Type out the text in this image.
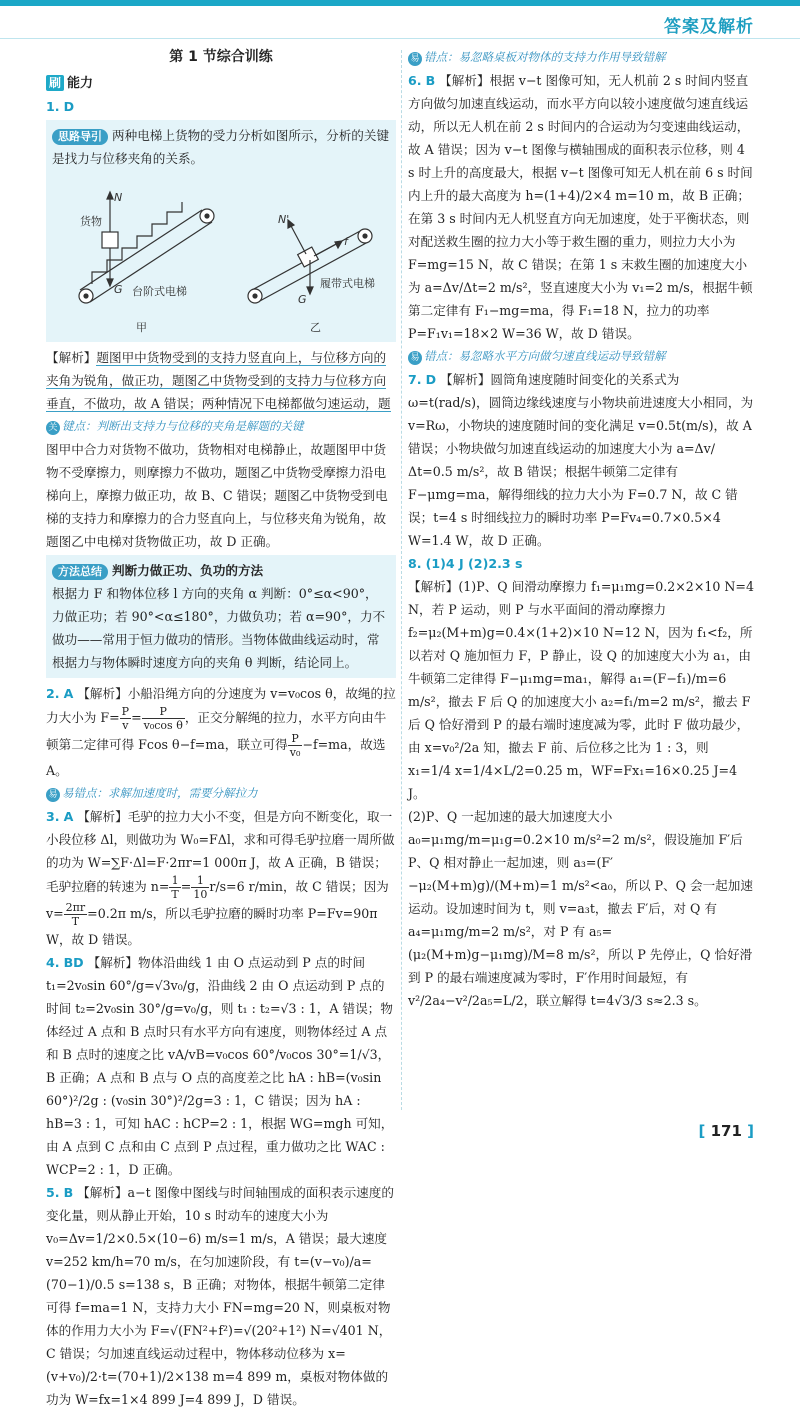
答案及解析
第 1 节综合训练
刷 能力
1. D

思路导引 两种电梯上货物的受力分析如图所示，分析的关键是找力与位移夹角的关系。

货物
N
G 台阶式电梯
N'
f
G
履带式电梯
甲	乙

【解析】题图甲中货物受到的支持力竖直向上，与位移方向的夹角为锐角，做正功，题图乙中货物受到的支持力与位移方向垂直，不做功，故 A 错误；两种情况下电梯都做匀速运动，题

关 键点：判断出支持力与位移的夹角是解题的关键

图甲中合力对货物不做功，货物相对电梯静止，故题图甲中货物不受摩擦力，则摩擦力不做功，题图乙中货物受摩擦力沿电梯向上，摩擦力做正功，故 B、C 错误；题图乙中货物受到电梯的支持力和摩擦力的合力竖直向上，与位移夹角为锐角，故题图乙中电梯对货物做正功，故 D 正确。

方法总结 判断力做正功、负功的方法

根据力 F 和物体位移 l 方向的夹角 α 判断：0°≤α<90°，力做正功；若 90°<α≤180°，力做负功；若 α=90°，力不做功——常用于恒力做功的情形。当物体做曲线运动时，常根据力与物体瞬时速度方向的夹角 θ 判断，结论同上。

2. A 【解析】小船沿绳方向的分速度为 v=v₀cos θ，故绳的拉力大小为 $F= \frac{P}{v} = \frac{P}{\text{v₀cos θ}}$ ，正交分解绳的拉力，水平方向由牛顿第二定律可得 Fcos θ−f=ma，联立可得 $\frac{P}{\text{v₀}} -f=ma$，故选 A。

易 易错点：求解加速度时，需要分解拉力

3. A 【解析】毛驴的拉力大小不变，但是方向不断变化，取一小段位移 Δl，则做功为 W₀=FΔl，求和可得毛驴拉磨一周所做的功为 W=∑F·Δl=F·2πr=1 000π J，故 A 正确，B 错误；毛驴拉磨的转速为 $n= \frac{1}{T} = \frac{1}{10} r/s=6$ r/min，故 C 错误；因为 $v= \frac{2\pi r}{T} =0.2\pi$ m/s，所以毛驴拉磨的瞬时功率 P=Fv=90π W，故 D 错误。

4. BD 【解析】物体沿曲线 1 由 O 点运动到 P 点的时间 t₁=2v₀sin 60°/g=√3v₀/g，沿曲线 2 由 O 点运动到 P 点的时间 t₂=2v₀sin 30°/g=v₀/g，则 t₁ : t₂=√3 : 1，A 错误；物体经过 A 点和 B 点时只有水平方向有速度，则物体经过 A 点和 B 点时的速度之比 vA/vB=v₀cos 60°/v₀cos 30°=1/√3，B 正确；A 点和 B 点与 O 点的高度差之比 hA : hB=(v₀sin 60°)²/2g : (v₀sin 30°)²/2g=3 : 1，C 错误；因为 hA : hB=3 : 1，可知 hAC : hCP=2 : 1，根据 WG=mgh 可知，由 A 点到 C 点和由 C 点到 P 点过程，重力做功之比 WAC : WCP=2 : 1，D 正确。

5. B 【解析】a−t 图像中图线与时间轴围成的面积表示速度的变化量，则从静止开始，10 s 时动车的速度大小为 v₀=Δv=1/2×0.5×(10−6) m/s=1 m/s，A 错误；最大速度 v=252 km/h=70 m/s，在匀加速阶段，有 t=(v−v₀)/a=(70−1)/0.5 s=138 s，B 正确；对物体，根据牛顿第二定律可得 f=ma=1 N，支持力大小 FN=mg=20 N，则桌板对物体的作用力大小为 F=√(FN²+f²)=√(20²+1²) N=√401 N，C 错误；匀加速直线运动过程中，物体移动位移为 x=(v+v₀)/2·t=(70+1)/2×138 m=4 899 m，桌板对物体做的功为 W=fx=1×4 899 J=4 899 J，D 错误。

易 错点：易忽略桌板对物体的支持力作用导致错解

6. B 【解析】根据 v−t 图像可知，无人机前 2 s 时间内竖直方向做匀加速直线运动，而水平方向以较小速度做匀速直线运动，所以无人机在前 2 s 时间内的合运动为匀变速曲线运动，故 A 错误；因为 v−t 图像与横轴围成的面积表示位移，则 4 s 时上升的高度最大，根据 v−t 图像可知无人机在前 6 s 时间内上升的最大高度为 h=(1+4)/2×4 m=10 m，故 B 正确；在第 3 s 时间内无人机竖直方向无加速度，处于平衡状态，则对配送救生圈的拉力大小等于救生圈的重力，则拉力大小为 F=mg=15 N，故 C 错误；在第 1 s 末救生圈的加速度大小为 a=Δv/Δt=2 m/s²，竖直速度大小为 v₁=2 m/s，根据牛顿第二定律有 F₁−mg=ma，得 F₁=18 N，拉力的功率 P=F₁v₁=18×2 W=36 W，故 D 错误。

易 错点：易忽略水平方向做匀速直线运动导致错解

7. D 【解析】圆筒角速度随时间变化的关系式为 ω=t(rad/s)，圆筒边缘线速度与小物块前进速度大小相同，为 v=Rω，小物块的速度随时间的变化满足 v=0.5t(m/s)，故 A 错误；小物块做匀加速直线运动的加速度大小为 a=Δv/Δt=0.5 m/s²，故 B 错误；根据牛顿第二定律有 F−μmg=ma，解得细线的拉力大小为 F=0.7 N，故 C 错误；t=4 s 时细线拉力的瞬时功率 P=Fv₄=0.7×0.5×4 W=1.4 W，故 D 正确。

8. (1)4 J (2)2.3 s

【解析】(1)P、Q 间滑动摩擦力 f₁=μ₁mg=0.2×2×10 N=4 N，若 P 运动，则 P 与水平面间的滑动摩擦力 f₂=μ₂(M+m)g=0.4×(1+2)×10 N=12 N，因为 f₁<f₂，所以若对 Q 施加恒力 F，P 静止，设 Q 的加速度大小为 a₁，由牛顿第二定律得 F−μ₁mg=ma₁，解得 a₁=(F−f₁)/m=6 m/s²，撤去 F 后 Q 的加速度大小 a₂=f₁/m=2 m/s²，撤去 F 后 Q 恰好滑到 P 的最右端时速度减为零，此时 F 做功最少，由 x=v₀²/2a 知，撤去 F 前、后位移之比为 1 : 3，则 x₁=1/4 x=1/4×L/2=0.25 m，WF=Fx₁=16×0.25 J=4 J。

(2)P、Q 一起加速的最大加速度大小 a₀=μ₁mg/m=μ₁g=0.2×10 m/s²=2 m/s²，假设施加 F′后 P、Q 相对静止一起加速，则 a₃=(F′−μ₂(M+m)g)/(M+m)=1 m/s²<a₀，所以 P、Q 会一起加速运动。设加速时间为 t，则 v=a₃t，撤去 F′后，对 Q 有 a₄=μ₁mg/m=2 m/s²，对 P 有 a₅=(μ₂(M+m)g−μ₁mg)/M=8 m/s²，所以 P 先停止，Q 恰好滑到 P 的最右端速度减为零时，F′作用时间最短，有 v²/2a₄−v²/2a₅=L/2，联立解得 t=4√3/3 s≈2.3 s。

[ 171 ]
